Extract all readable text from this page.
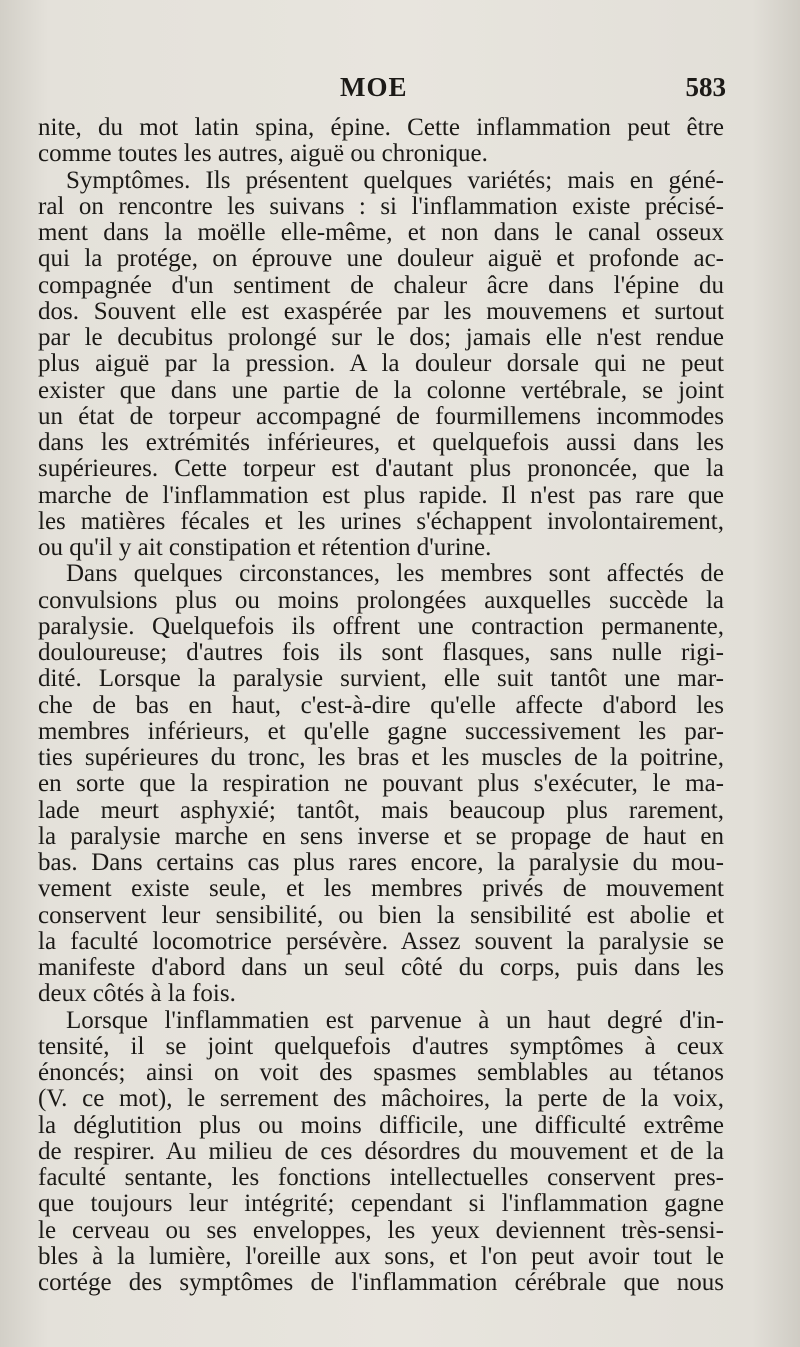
MOE	583
nite, du mot latin spina, épine. Cette inflammation peut être
comme toutes les autres, aiguë ou chronique.
Symptômes. Ils présentent quelques variétés; mais en géné-
ral on rencontre les suivans : si l'inflammation existe précisé-
ment dans la moëlle elle-même, et non dans le canal osseux
qui la protége, on éprouve une douleur aiguë et profonde ac-
compagnée d'un sentiment de chaleur âcre dans l'épine du
dos. Souvent elle est exaspérée par les mouvemens et surtout
par le decubitus prolongé sur le dos; jamais elle n'est rendue
plus aiguë par la pression. A la douleur dorsale qui ne peut
exister que dans une partie de la colonne vertébrale, se joint
un état de torpeur accompagné de fourmillemens incommodes
dans les extrémités inférieures, et quelquefois aussi dans les
supérieures. Cette torpeur est d'autant plus prononcée, que la
marche de l'inflammation est plus rapide. Il n'est pas rare que
les matières fécales et les urines s'échappent involontairement,
ou qu'il y ait constipation et rétention d'urine.
Dans quelques circonstances, les membres sont affectés de
convulsions plus ou moins prolongées auxquelles succède la
paralysie. Quelquefois ils offrent une contraction permanente,
douloureuse; d'autres fois ils sont flasques, sans nulle rigi-
dité. Lorsque la paralysie survient, elle suit tantôt une mar-
che de bas en haut, c'est-à-dire qu'elle affecte d'abord les
membres inférieurs, et qu'elle gagne successivement les par-
ties supérieures du tronc, les bras et les muscles de la poitrine,
en sorte que la respiration ne pouvant plus s'exécuter, le ma-
lade meurt asphyxié; tantôt, mais beaucoup plus rarement,
la paralysie marche en sens inverse et se propage de haut en
bas. Dans certains cas plus rares encore, la paralysie du mou-
vement existe seule, et les membres privés de mouvement
conservent leur sensibilité, ou bien la sensibilité est abolie et
la faculté locomotrice persévère. Assez souvent la paralysie se
manifeste d'abord dans un seul côté du corps, puis dans les
deux côtés à la fois.
Lorsque l'inflammatien est parvenue à un haut degré d'in-
tensité, il se joint quelquefois d'autres symptômes à ceux
énoncés; ainsi on voit des spasmes semblables au tétanos
(V. ce mot), le serrement des mâchoires, la perte de la voix,
la déglutition plus ou moins difficile, une difficulté extrême
de respirer. Au milieu de ces désordres du mouvement et de la
faculté sentante, les fonctions intellectuelles conservent pres-
que toujours leur intégrité; cependant si l'inflammation gagne
le cerveau ou ses enveloppes, les yeux deviennent très-sensi-
bles à la lumière, l'oreille aux sons, et l'on peut avoir tout le
cortége des symptômes de l'inflammation cérébrale que nous
